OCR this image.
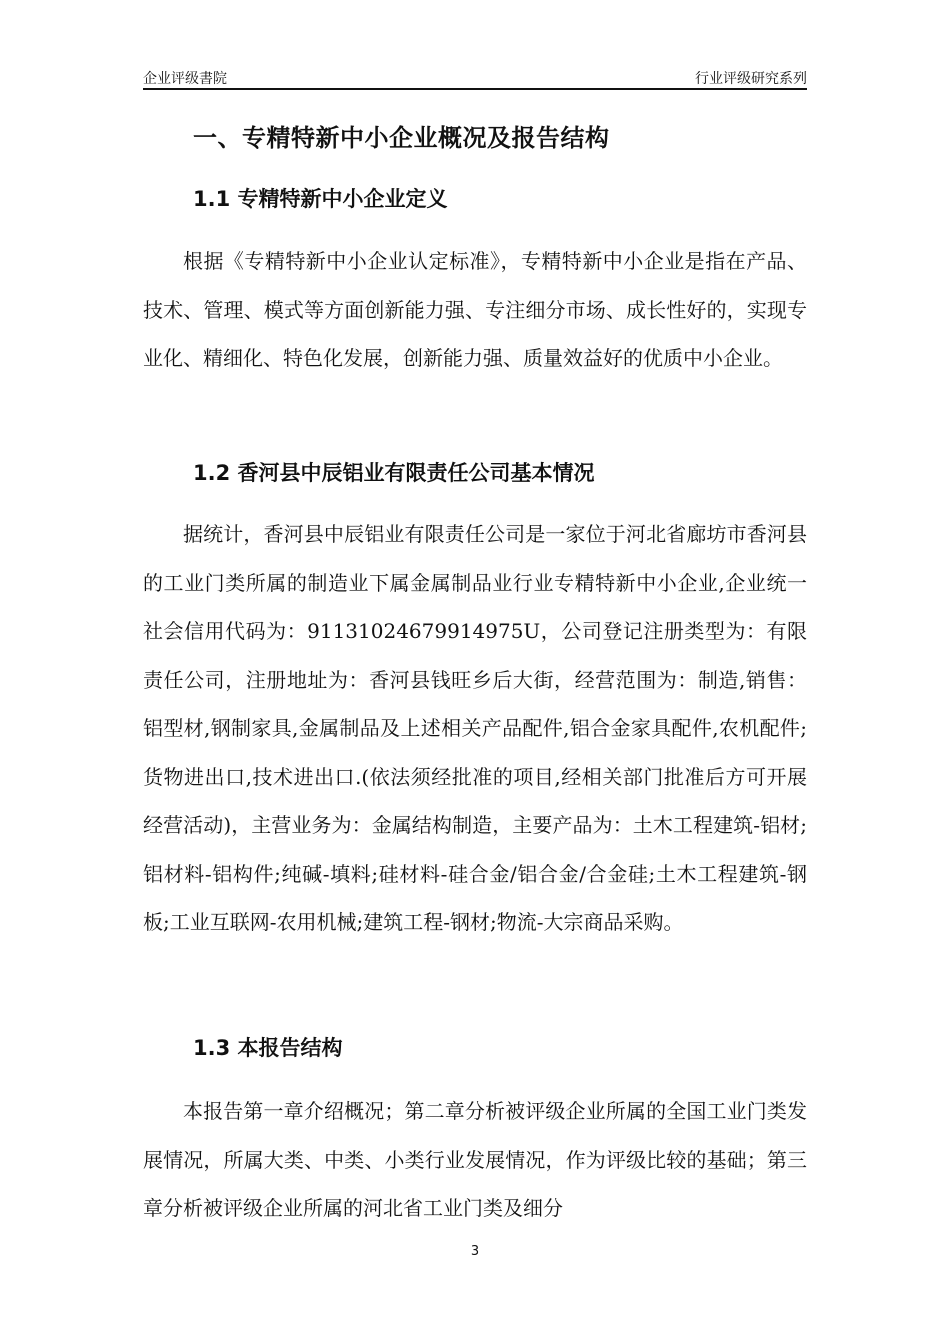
企业评级書院	行业评级研究系列
一、专精特新中小企业概况及报告结构
1.1 专精特新中小企业定义
根据《专精特新中小企业认定标准》，专精特新中小企业是指在产品、技术、管理、模式等方面创新能力强、专注细分市场、成长性好的，实现专业化、精细化、特色化发展，创新能力强、质量效益好的优质中小企业。
1.2 香河县中辰铝业有限责任公司基本情况
据统计，香河县中辰铝业有限责任公司是一家位于河北省廊坊市香河县的工业门类所属的制造业下属金属制品业行业专精特新中小企业,企业统一社会信用代码为：91131024679914975U，公司登记注册类型为：有限责任公司，注册地址为：香河县钱旺乡后大街，经营范围为：制造,销售：铝型材,钢制家具,金属制品及上述相关产品配件,铝合金家具配件,农机配件;货物进出口,技术进出口.(依法须经批准的项目,经相关部门批准后方可开展经营活动)，主营业务为：金属结构制造，主要产品为：土木工程建筑-铝材;铝材料-铝构件;纯碱-填料;硅材料-硅合金/铝合金/合金硅;土木工程建筑-钢板;工业互联网-农用机械;建筑工程-钢材;物流-大宗商品采购。
1.3 本报告结构
本报告第一章介绍概况；第二章分析被评级企业所属的全国工业门类发展情况，所属大类、中类、小类行业发展情况，作为评级比较的基础；第三章分析被评级企业所属的河北省工业门类及细分
3
